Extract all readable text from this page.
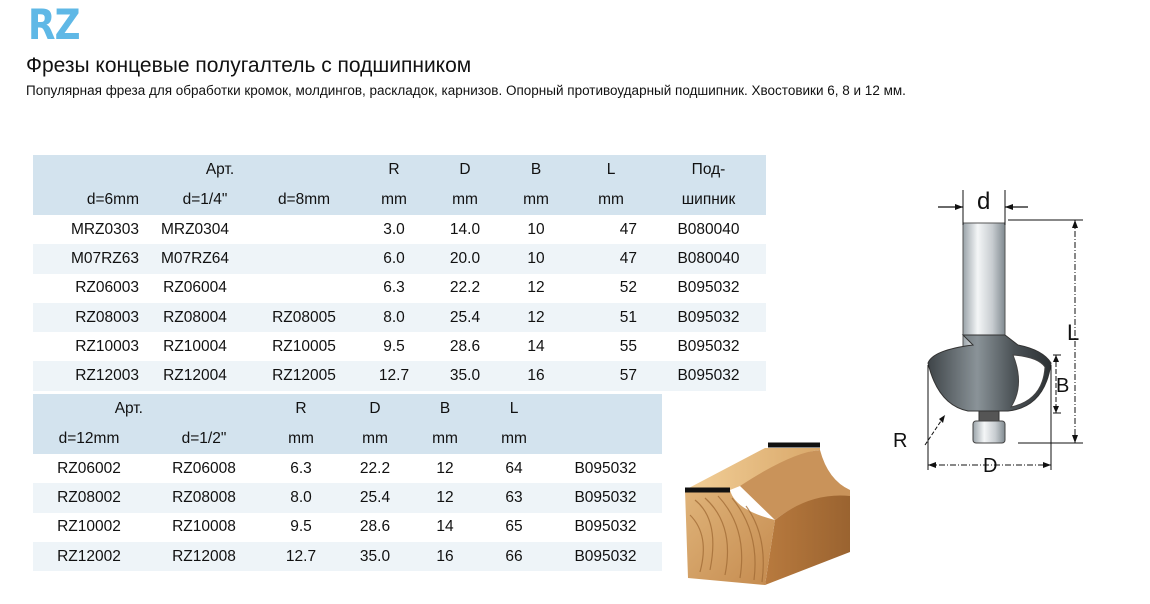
RZ
Фрезы концевые полугалтель с подшипником
Популярная фреза для обработки кромок, молдингов, раскладок, карнизов. Опорный противоударный подшипник. Хвостовики 6, 8 и 12 мм.
	Арт.		R	D	B	L	Под-
d=6mm	d=1/4"	d=8mm	mm	mm	mm	mm	шипник
MRZ0303	MRZ0304		3.0	14.0	10	47	B080040
M07RZ63	M07RZ64		6.0	20.0	10	47	B080040
RZ06003	RZ06004		6.3	22.2	12	52	B095032
RZ08003	RZ08004	RZ08005	8.0	25.4	12	51	B095032
RZ10003	RZ10004	RZ10005	9.5	28.6	14	55	B095032
RZ12003	RZ12004	RZ12005	12.7	35.0	16	57	B095032
Арт.		R	D	B	L	
d=12mm	d=1/2"	mm	mm	mm	mm	
RZ06002	RZ06008	6.3	22.2	12	64	B095032
RZ08002	RZ08008	8.0	25.4	12	63	B095032
RZ10002	RZ10008	9.5	28.6	14	65	B095032
RZ12002	RZ12008	12.7	35.0	16	66	B095032
d
L
B
R
D
